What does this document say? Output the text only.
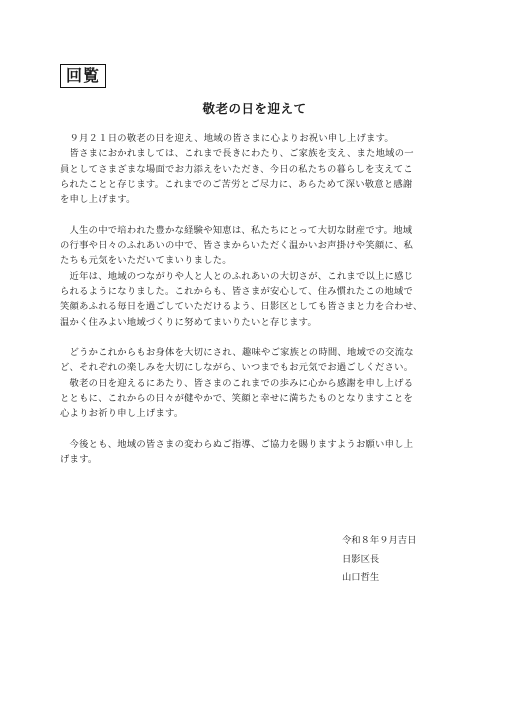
回覧
敬老の日を迎えて

　９月２１日の敬老の日を迎え、地域の皆さまに心よりお祝い申し上げます。

　皆さまにおかれましては、これまで長きにわたり、ご家族を支え、また地域の一

員としてさまざまな場面でお力添えをいただき、今日の私たちの暮らしを支えてこ

られたことと存じます。これまでのご苦労とご尽力に、あらためて深い敬意と感謝

を申し上げます。

　人生の中で培われた豊かな経験や知恵は、私たちにとって大切な財産です。地域

の行事や日々のふれあいの中で、皆さまからいただく温かいお声掛けや笑顔に、私

たちも元気をいただいてまいりました。

　近年は、地域のつながりや人と人とのふれあいの大切さが、これまで以上に感じ

られるようになりました。これからも、皆さまが安心して、住み慣れたこの地域で

笑顔あふれる毎日を過ごしていただけるよう、日影区としても皆さまと力を合わせ、

温かく住みよい地域づくりに努めてまいりたいと存じます。

　どうかこれからもお身体を大切にされ、趣味やご家族との時間、地域での交流な

ど、それぞれの楽しみを大切にしながら、いつまでもお元気でお過ごしください。

　敬老の日を迎えるにあたり、皆さまのこれまでの歩みに心から感謝を申し上げる

とともに、これからの日々が健やかで、笑顔と幸せに満ちたものとなりますことを

心よりお祈り申し上げます。

　今後とも、地域の皆さまの変わらぬご指導、ご協力を賜りますようお願い申し上

げます。

令和８年９月吉日
日影区長
山口哲生
